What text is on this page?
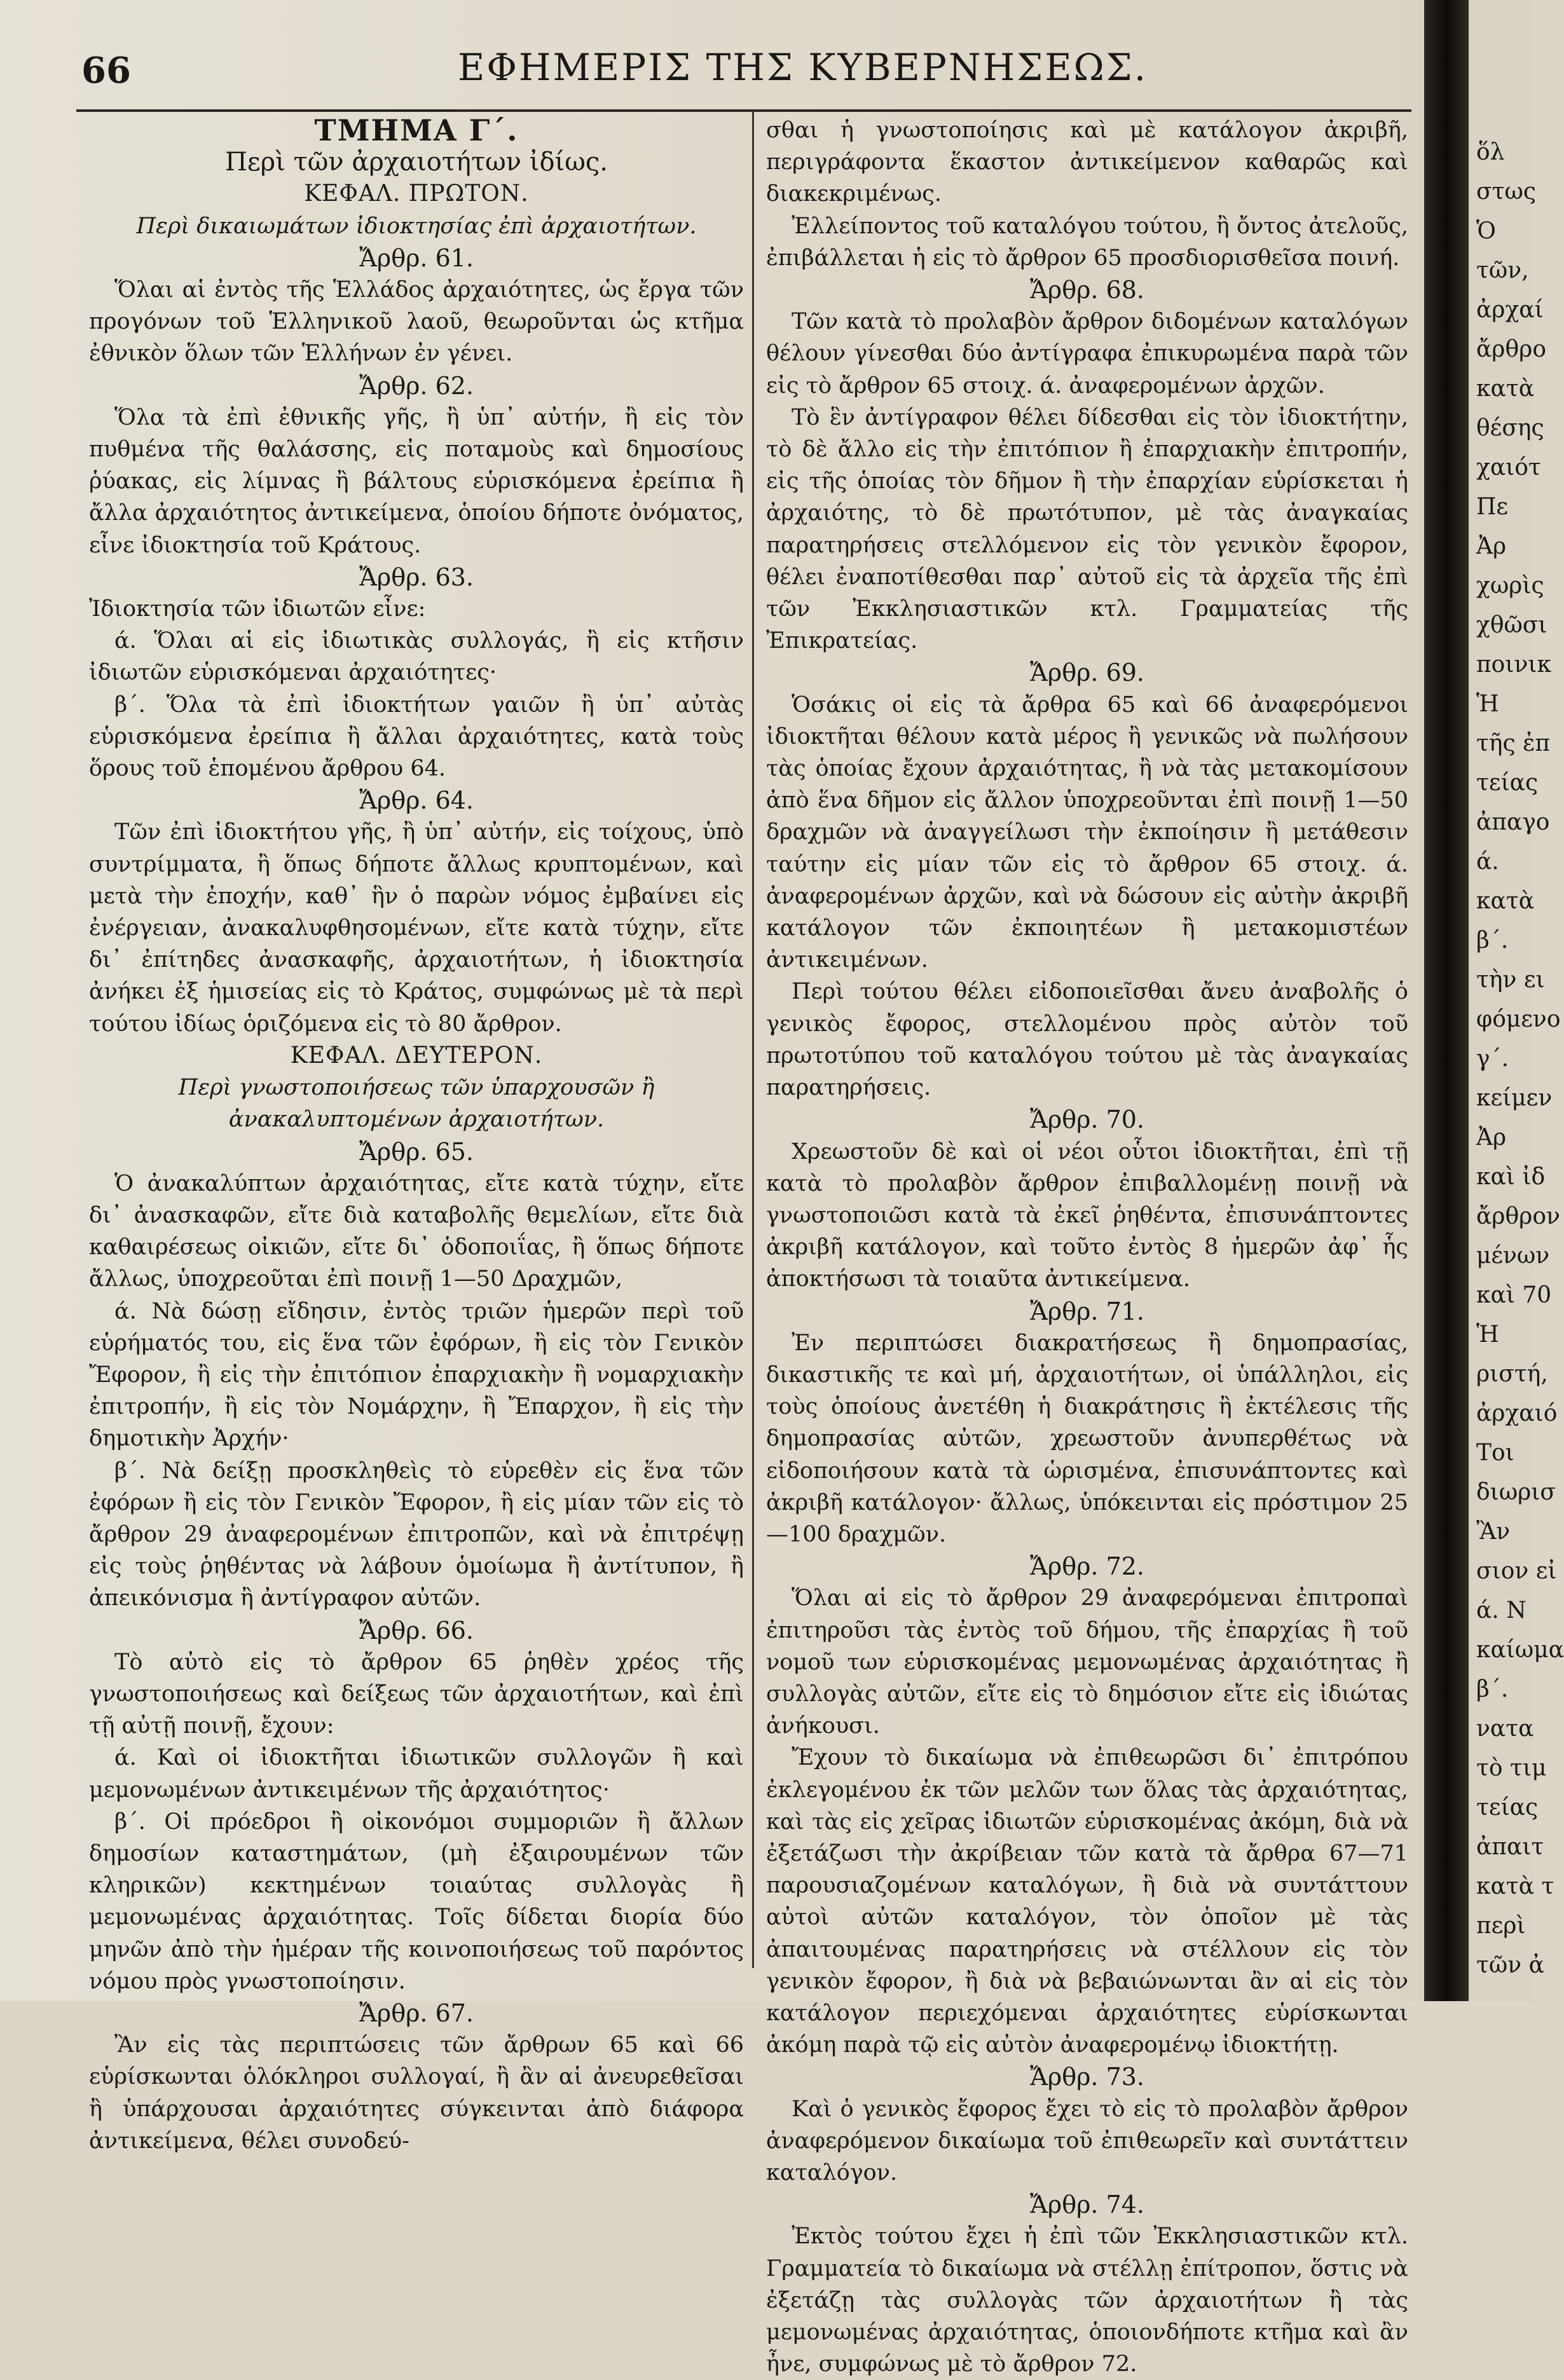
66	ΕΦΗΜΕΡΙΣ ΤΗΣ ΚΥΒΕΡΝΗΣΕΩΣ.

ΤΜΗΜΑ Γ΄.

Περὶ τῶν ἀρχαιοτήτων ἰδίως.

ΚΕΦΑΛ. ΠΡΩΤΟΝ.

Περὶ δικαιωμάτων ἰδιοκτησίας ἐπὶ ἀρχαιοτήτων.

Ἄρθρ. 61.

Ὅλαι αἱ ἐντὸς τῆς Ἑλλάδος ἀρχαιότητες, ὡς ἔργα τῶν προγόνων τοῦ Ἑλληνικοῦ λαοῦ, θεωροῦνται ὡς κτῆμα ἐθνικὸν ὅλων τῶν Ἑλλήνων ἐν γένει.

Ἄρθρ. 62.

Ὅλα τὰ ἐπὶ ἐθνικῆς γῆς, ἢ ὑπ᾽ αὐτήν, ἢ εἰς τὸν πυθμένα τῆς θαλάσσης, εἰς ποταμοὺς καὶ δημοσίους ῥύακας, εἰς λίμνας ἢ βάλτους εὑρισκόμενα ἐρείπια ἢ ἄλλα ἀρχαιότητος ἀντικείμενα, ὁποίου δήποτε ὀνόματος, εἶνε ἰδιοκτησία τοῦ Κράτους.

Ἄρθρ. 63.

Ἰδιοκτησία τῶν ἰδιωτῶν εἶνε:

ά. Ὅλαι αἱ εἰς ἰδιωτικὰς συλλογάς, ἢ εἰς κτῆσιν ἰδιωτῶν εὑρισκόμεναι ἀρχαιότητες·

β΄. Ὅλα τὰ ἐπὶ ἰδιοκτήτων γαιῶν ἢ ὑπ᾽ αὐτὰς εὑρισκόμενα ἐρείπια ἢ ἄλλαι ἀρχαιότητες, κατὰ τοὺς ὅρους τοῦ ἑπομένου ἄρθρου 64.

Ἄρθρ. 64.

Τῶν ἐπὶ ἰδιοκτήτου γῆς, ἢ ὑπ᾽ αὐτήν, εἰς τοίχους, ὑπὸ συντρίμματα, ἢ ὅπως δήποτε ἄλλως κρυπτομένων, καὶ μετὰ τὴν ἐποχήν, καθ᾽ ἣν ὁ παρὼν νόμος ἐμβαίνει εἰς ἐνέργειαν, ἀνακαλυφθησομένων, εἴτε κατὰ τύχην, εἴτε δι᾽ ἐπίτηδες ἀνασκαφῆς, ἀρχαιοτήτων, ἡ ἰδιοκτησία ἀνήκει ἐξ ἡμισείας εἰς τὸ Κράτος, συμφώνως μὲ τὰ περὶ τούτου ἰδίως ὁριζόμενα εἰς τὸ 80 ἄρθρον.

ΚΕΦΑΛ. ΔΕΥΤΕΡΟΝ.

Περὶ γνωστοποιήσεως τῶν ὑπαρχουσῶν ἢ ἀνακαλυπτομένων ἀρχαιοτήτων.

Ἄρθρ. 65.

Ὁ ἀνακαλύπτων ἀρχαιότητας, εἴτε κατὰ τύχην, εἴτε δι᾽ ἀνασκαφῶν, εἴτε διὰ καταβολῆς θεμελίων, εἴτε διὰ καθαιρέσεως οἰκιῶν, εἴτε δι᾽ ὁδοποιΐας, ἢ ὅπως δήποτε ἄλλως, ὑποχρεοῦται ἐπὶ ποινῇ 1—50 Δραχμῶν,

ά. Νὰ δώσῃ εἴδησιν, ἐντὸς τριῶν ἡμερῶν περὶ τοῦ εὑρήματός του, εἰς ἕνα τῶν ἐφόρων, ἢ εἰς τὸν Γενικὸν Ἔφορον, ἢ εἰς τὴν ἐπιτόπιον ἐπαρχιακὴν ἢ νομαρχιακὴν ἐπιτροπήν, ἢ εἰς τὸν Νομάρχην, ἢ Ἔπαρχον, ἢ εἰς τὴν δημοτικὴν Ἀρχήν·

β΄. Νὰ δείξῃ προσκληθεὶς τὸ εὑρεθὲν εἰς ἕνα τῶν ἐφόρων ἢ εἰς τὸν Γενικὸν Ἔφορον, ἢ εἰς μίαν τῶν εἰς τὸ ἄρθρον 29 ἀναφερομένων ἐπιτροπῶν, καὶ νὰ ἐπιτρέψῃ εἰς τοὺς ῥηθέντας νὰ λάβουν ὁμοίωμα ἢ ἀντίτυπον, ἢ ἀπεικόνισμα ἢ ἀντίγραφον αὐτῶν.

Ἄρθρ. 66.

Τὸ αὐτὸ εἰς τὸ ἄρθρον 65 ῥηθὲν χρέος τῆς γνωστοποιήσεως καὶ δείξεως τῶν ἀρχαιοτήτων, καὶ ἐπὶ τῇ αὐτῇ ποινῇ, ἔχουν:

ά. Καὶ οἱ ἰδιοκτῆται ἰδιωτικῶν συλλογῶν ἢ καὶ μεμονωμένων ἀντικειμένων τῆς ἀρχαιότητος·

β΄. Οἱ πρόεδροι ἢ οἰκονόμοι συμμοριῶν ἢ ἄλλων δημοσίων καταστημάτων, (μὴ ἐξαιρουμένων τῶν κληρικῶν) κεκτημένων τοιαύτας συλλογὰς ἢ μεμονωμένας ἀρχαιότητας. Τοῖς δίδεται διορία δύο μηνῶν ἀπὸ τὴν ἡμέραν τῆς κοινοποιήσεως τοῦ παρόντος νόμου πρὸς γνωστοποίησιν.

Ἄρθρ. 67.

Ἂν εἰς τὰς περιπτώσεις τῶν ἄρθρων 65 καὶ 66 εὑρίσκωνται ὁλόκληροι συλλογαί, ἢ ἂν αἱ ἀνευρεθεῖσαι ἢ ὑπάρχουσαι ἀρχαιότητες σύγκεινται ἀπὸ διάφορα ἀντικείμενα, θέλει συνοδεύ-

σθαι ἡ γνωστοποίησις καὶ μὲ κατάλογον ἀκριβῆ, περιγράφοντα ἕκαστον ἀντικείμενον καθαρῶς καὶ διακεκριμένως.

Ἐλλείποντος τοῦ καταλόγου τούτου, ἢ ὄντος ἀτελοῦς, ἐπιβάλλεται ἡ εἰς τὸ ἄρθρον 65 προσδιορισθεῖσα ποινή.

Ἄρθρ. 68.

Τῶν κατὰ τὸ προλαβὸν ἄρθρον διδομένων καταλόγων θέλουν γίνεσθαι δύο ἀντίγραφα ἐπικυρωμένα παρὰ τῶν εἰς τὸ ἄρθρον 65 στοιχ. ά. ἀναφερομένων ἀρχῶν.

Τὸ ἓν ἀντίγραφον θέλει δίδεσθαι εἰς τὸν ἰδιοκτήτην, τὸ δὲ ἄλλο εἰς τὴν ἐπιτόπιον ἢ ἐπαρχιακὴν ἐπιτροπήν, εἰς τῆς ὁποίας τὸν δῆμον ἢ τὴν ἐπαρχίαν εὑρίσκεται ἡ ἀρχαιότης, τὸ δὲ πρωτότυπον, μὲ τὰς ἀναγκαίας παρατηρήσεις στελλόμενον εἰς τὸν γενικὸν ἔφορον, θέλει ἐναποτίθεσθαι παρ᾽ αὐτοῦ εἰς τὰ ἀρχεῖα τῆς ἐπὶ τῶν Ἐκκλησιαστικῶν κτλ. Γραμματείας τῆς Ἐπικρατείας.

Ἄρθρ. 69.

Ὁσάκις οἱ εἰς τὰ ἄρθρα 65 καὶ 66 ἀναφερόμενοι ἰδιοκτῆται θέλουν κατὰ μέρος ἢ γενικῶς νὰ πωλήσουν τὰς ὁποίας ἔχουν ἀρχαιότητας, ἢ νὰ τὰς μετακομίσουν ἀπὸ ἕνα δῆμον εἰς ἄλλον ὑποχρεοῦνται ἐπὶ ποινῇ 1—50 δραχμῶν νὰ ἀναγγείλωσι τὴν ἐκποίησιν ἢ μετάθεσιν ταύτην εἰς μίαν τῶν εἰς τὸ ἄρθρον 65 στοιχ. ά. ἀναφερομένων ἀρχῶν, καὶ νὰ δώσουν εἰς αὐτὴν ἀκριβῆ κατάλογον τῶν ἐκποιητέων ἢ μετακομιστέων ἀντικειμένων.

Περὶ τούτου θέλει εἰδοποιεῖσθαι ἄνευ ἀναβολῆς ὁ γενικὸς ἔφορος, στελλομένου πρὸς αὐτὸν τοῦ πρωτοτύπου τοῦ καταλόγου τούτου μὲ τὰς ἀναγκαίας παρατηρήσεις.

Ἄρθρ. 70.

Χρεωστοῦν δὲ καὶ οἱ νέοι οὗτοι ἰδιοκτῆται, ἐπὶ τῇ κατὰ τὸ προλαβὸν ἄρθρον ἐπιβαλλομένῃ ποινῇ νὰ γνωστοποιῶσι κατὰ τὰ ἐκεῖ ῥηθέντα, ἐπισυνάπτοντες ἀκριβῆ κατάλογον, καὶ τοῦτο ἐντὸς 8 ἡμερῶν ἀφ᾽ ἧς ἀποκτήσωσι τὰ τοιαῦτα ἀντικείμενα.

Ἄρθρ. 71.

Ἐν περιπτώσει διακρατήσεως ἢ δημοπρασίας, δικαστικῆς τε καὶ μή, ἀρχαιοτήτων, οἱ ὑπάλληλοι, εἰς τοὺς ὁποίους ἀνετέθη ἡ διακράτησις ἢ ἐκτέλεσις τῆς δημοπρασίας αὐτῶν, χρεωστοῦν ἀνυπερθέτως νὰ εἰδοποιήσουν κατὰ τὰ ὡρισμένα, ἐπισυνάπτοντες καὶ ἀκριβῆ κατάλογον· ἄλλως, ὑπόκεινται εἰς πρόστιμον 25—100 δραχμῶν.

Ἄρθρ. 72.

Ὅλαι αἱ εἰς τὸ ἄρθρον 29 ἀναφερόμεναι ἐπιτροπαὶ ἐπιτηροῦσι τὰς ἐντὸς τοῦ δήμου, τῆς ἐπαρχίας ἢ τοῦ νομοῦ των εὑρισκομένας μεμονωμένας ἀρχαιότητας ἢ συλλογὰς αὐτῶν, εἴτε εἰς τὸ δημόσιον εἴτε εἰς ἰδιώτας ἀνήκουσι.

Ἔχουν τὸ δικαίωμα νὰ ἐπιθεωρῶσι δι᾽ ἐπιτρόπου ἐκλεγομένου ἐκ τῶν μελῶν των ὅλας τὰς ἀρχαιότητας, καὶ τὰς εἰς χεῖρας ἰδιωτῶν εὑρισκομένας ἀκόμη, διὰ νὰ ἐξετάζωσι τὴν ἀκρίβειαν τῶν κατὰ τὰ ἄρθρα 67—71 παρουσιαζομένων καταλόγων, ἢ διὰ νὰ συντάττουν αὐτοὶ αὐτῶν καταλόγον, τὸν ὁποῖον μὲ τὰς ἀπαιτουμένας παρατηρήσεις νὰ στέλλουν εἰς τὸν γενικὸν ἔφορον, ἢ διὰ νὰ βεβαιώνωνται ἂν αἱ εἰς τὸν κατάλογον περιεχόμεναι ἀρχαιότητες εὑρίσκωνται ἀκόμη παρὰ τῷ εἰς αὐτὸν ἀναφερομένῳ ἰδιοκτήτῃ.

Ἄρθρ. 73.

Καὶ ὁ γενικὸς ἔφορος ἔχει τὸ εἰς τὸ προλαβὸν ἄρθρον ἀναφερόμενον δικαίωμα τοῦ ἐπιθεωρεῖν καὶ συντάττειν καταλόγον.

Ἄρθρ. 74.

Ἐκτὸς τούτου ἔχει ἡ ἐπὶ τῶν Ἐκκλησιαστικῶν κτλ. Γραμματεία τὸ δικαίωμα νὰ στέλλῃ ἐπίτροπον, ὅστις νὰ ἐξετάζῃ τὰς συλλογὰς τῶν ἀρχαιοτήτων ἢ τὰς μεμονωμένας ἀρχαιότητας, ὁποιονδήποτε κτῆμα καὶ ἂν ἦνε, συμφώνως μὲ τὸ ἄρθρον 72.

ὅλ
στως
Ὁ
τῶν,
ἀρχαί
ἄρθρο
κατὰ
θέσης
χαιότ
Πε
Ἀρ
χωρὶς
χθῶσι
ποινικ
Ἡ
τῆς ἐπ
τείας
ἀπαγο
ά.
κατὰ
β΄.
τὴν ει
φόμενο
γ΄.
κείμεν
Ἀρ
καὶ ἰδ
ἄρθρον
μένων
καὶ 70
Ἡ
ριστή,
ἀρχαιό
Τοι
διωρισ
Ἂν
σιον εἰ
ά. Ν
καίωμα
β΄.
νατα
τὸ τιμ
τείας
ἀπαιτ
κατὰ τ
περὶ
τῶν ἀ
